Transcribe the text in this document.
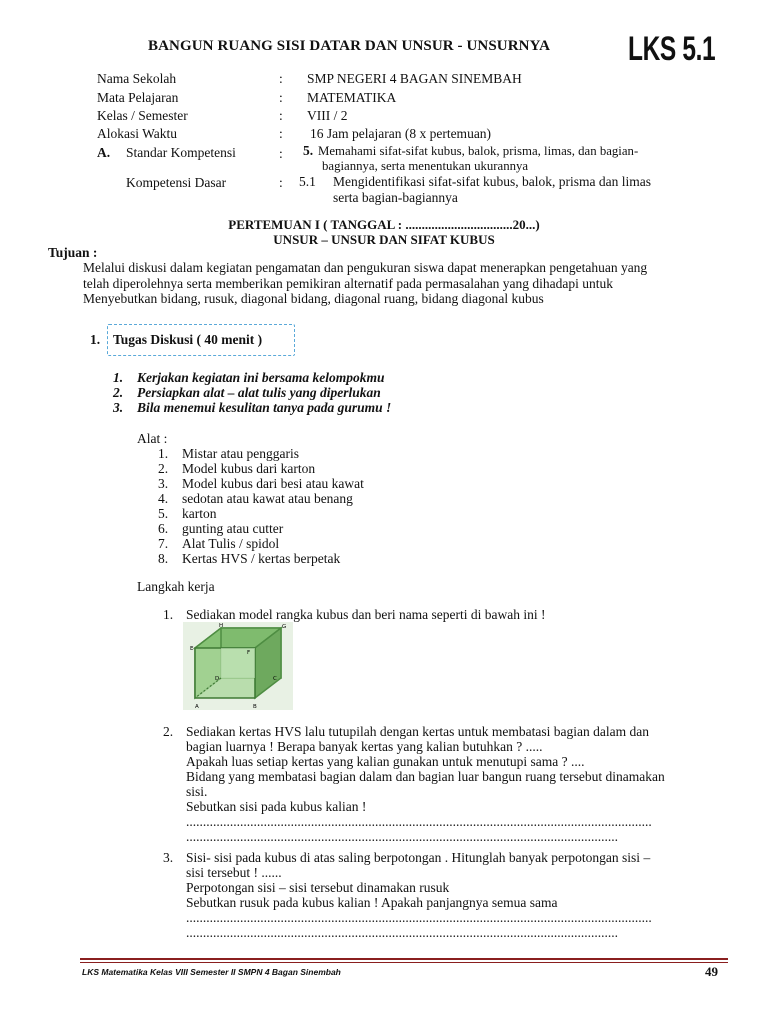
BANGUN RUANG SISI DATAR DAN UNSUR - UNSURNYA LKS 5.1
Nama Sekolah	: SMP NEGERI 4 BAGAN SINEMBAH
Mata Pelajaran	: MATEMATIKA
Kelas / Semester	: VIII / 2
Alokasi Waktu	: 16 Jam pelajaran (8 x pertemuan)
A. Standar Kompetensi	: 5. Memahami sifat-sifat kubus, balok, prisma, limas, dan bagian-
bagiannya, serta menentukan ukurannya
Kompetensi Dasar	: 5.1 Mengidentifikasi sifat-sifat kubus, balok, prisma dan limas
serta bagian-bagiannya
PERTEMUAN I ( TANGGAL : .................................20...)
UNSUR – UNSUR DAN SIFAT KUBUS
Tujuan :
Melalui diskusi dalam kegiatan pengamatan dan pengukuran siswa dapat menerapkan pengetahuan yang
telah diperolehnya serta memberikan pemikiran alternatif pada permasalahan yang dihadapi untuk
Menyebutkan bidang, rusuk, diagonal bidang, diagonal ruang, bidang diagonal kubus
1. Tugas Diskusi ( 40 menit )
1. Kerjakan kegiatan ini bersama kelompokmu
2. Persiapkan alat – alat tulis yang diperlukan
3. Bila menemui kesulitan tanya pada gurumu !
Alat :
1. Mistar atau penggaris
2. Model kubus dari karton
3. Model kubus dari besi atau kawat
4. sedotan atau kawat atau benang
5. karton
6. gunting atau cutter
7. Alat Tulis / spidol
8. Kertas HVS / kertas berpetak
Langkah kerja
1. Sediakan model rangka kubus dan beri nama seperti di bawah ini !
H	G
E
F
D	C
A	B
2. Sediakan kertas HVS lalu tutupilah dengan kertas untuk membatasi bagian dalam dan
bagian luarnya ! Berapa banyak kertas yang kalian butuhkan ? .....
Apakah luas setiap kertas yang kalian gunakan untuk menutupi sama ? ....
Bidang yang membatasi bagian dalam dan bagian luar bangun ruang tersebut dinamakan
sisi.
Sebutkan sisi pada kubus kalian !
..........................................................................................................................................
................................................................................................................................
3. Sisi- sisi pada kubus di atas saling berpotongan . Hitunglah banyak perpotongan sisi –
sisi tersebut ! ......
Perpotongan sisi – sisi tersebut dinamakan rusuk
Sebutkan rusuk pada kubus kalian ! Apakah panjangnya semua sama
..........................................................................................................................................
................................................................................................................................
LKS Matematika Kelas VIII Semester II SMPN 4 Bagan Sinembah	49
